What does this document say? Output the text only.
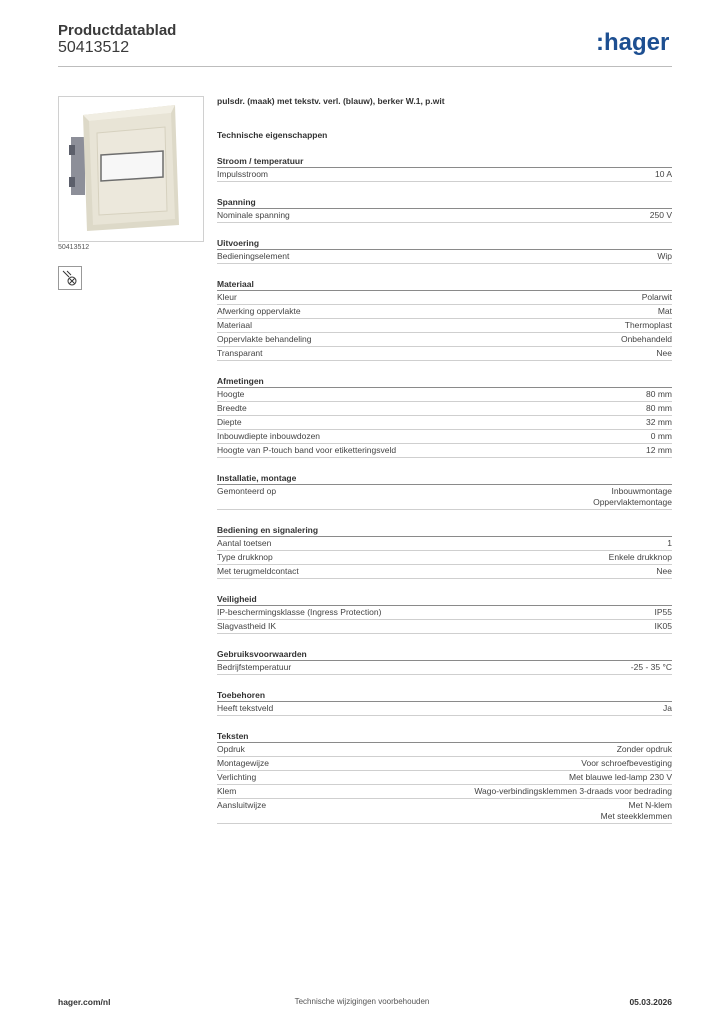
Productdatablad
50413512	:hager
50413512
pulsdr. (maak) met tekstv. verl. (blauw), berker W.1, p.wit
Technische eigenschappen
Stroom / temperatuur
Impulsstroom	10 A
Spanning
Nominale spanning	250 V
Uitvoering
Bedieningselement	Wip
Materiaal
Kleur	Polarwit
Afwerking oppervlakte	Mat
Materiaal	Thermoplast
Oppervlakte behandeling	Onbehandeld
Transparant	Nee
Afmetingen
Hoogte	80 mm
Breedte	80 mm
Diepte	32 mm
Inbouwdiepte inbouwdozen	0 mm
Hoogte van P-touch band voor etiketteringsveld	12 mm
Installatie, montage
Gemonteerd op	Inbouwmontage
Oppervlaktemontage
Bediening en signalering
Aantal toetsen	1
Type drukknop	Enkele drukknop
Met terugmeldcontact	Nee
Veiligheid
IP-beschermingsklasse (Ingress Protection)	IP55
Slagvastheid IK	IK05
Gebruiksvoorwaarden
Bedrijfstemperatuur	-25 - 35 °C
Toebehoren
Heeft tekstveld	Ja
Teksten
Opdruk	Zonder opdruk
Montagewijze	Voor schroefbevestiging
Verlichting	Met blauwe led-lamp 230 V
Klem	Wago-verbindingsklemmen 3-draads voor bedrading
Aansluitwijze	Met N-klem
Met steekklemmen
hager.com/nl	Technische wijzigingen voorbehouden	05.03.2026
